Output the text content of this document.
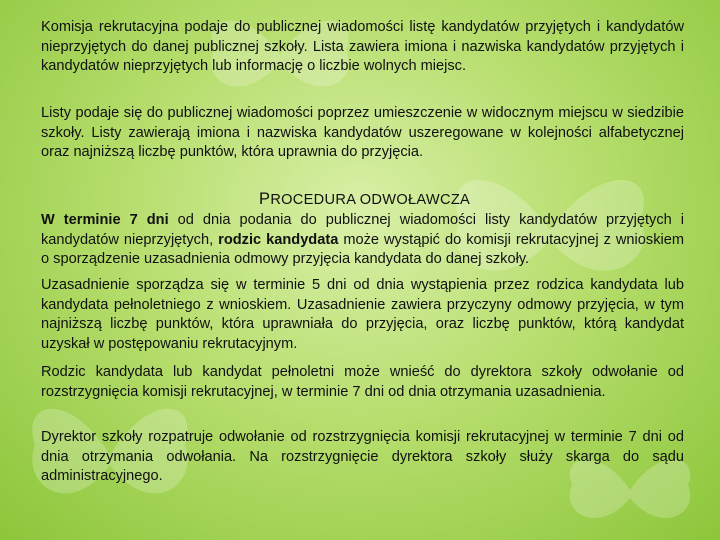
Komisja rekrutacyjna podaje do publicznej wiadomości listę kandydatów przyjętych i kandydatów nieprzyjętych do danej publicznej szkoły. Lista zawiera imiona i nazwiska kandydatów przyjętych i kandydatów nieprzyjętych lub informację o liczbie wolnych miejsc.
Listy podaje się do publicznej wiadomości poprzez umieszczenie w widocznym miejscu w siedzibie szkoły. Listy zawierają imiona i nazwiska kandydatów uszeregowane w kolejności alfabetycznej oraz najniższą liczbę punktów, która uprawnia do przyjęcia.
PROCEDURA ODWOŁAWCZA
W terminie 7 dni od dnia podania do publicznej wiadomości listy kandydatów przyjętych i kandydatów nieprzyjętych, rodzic kandydata może wystąpić do komisji rekrutacyjnej z wnioskiem o sporządzenie uzasadnienia odmowy przyjęcia kandydata do danej szkoły.
Uzasadnienie sporządza się w terminie 5 dni od dnia wystąpienia przez rodzica kandydata lub kandydata pełnoletniego z wnioskiem. Uzasadnienie zawiera przyczyny odmowy przyjęcia, w tym najniższą liczbę punktów, która uprawniała do przyjęcia, oraz liczbę punktów, którą kandydat uzyskał w postępowaniu rekrutacyjnym.
Rodzic kandydata lub kandydat pełnoletni może wnieść do dyrektora szkoły odwołanie od rozstrzygnięcia komisji rekrutacyjnej, w terminie 7 dni od dnia otrzymania uzasadnienia.
Dyrektor szkoły rozpatruje odwołanie od rozstrzygnięcia komisji rekrutacyjnej w terminie 7 dni od dnia otrzymania odwołania. Na rozstrzygnięcie dyrektora szkoły służy skarga do sądu administracyjnego.
